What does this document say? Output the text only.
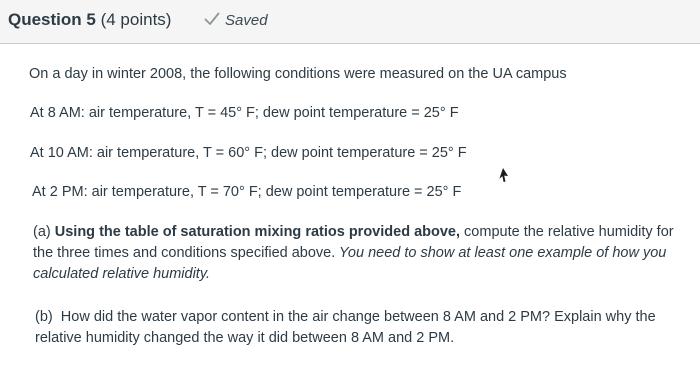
Question 5 (4 points)	Saved
On a day in winter 2008, the following conditions were measured on the UA campus
At 8 AM: air temperature, T = 45° F; dew point temperature = 25° F
At 10 AM: air temperature, T = 60° F; dew point temperature = 25° F
At 2 PM: air temperature, T = 70° F; dew point temperature = 25° F
(a) Using the table of saturation mixing ratios provided above, compute the relative humidity for the three times and conditions specified above. You need to show at least one example of how you calculated relative humidity.
(b) How did the water vapor content in the air change between 8 AM and 2 PM? Explain why the relative humidity changed the way it did between 8 AM and 2 PM.
